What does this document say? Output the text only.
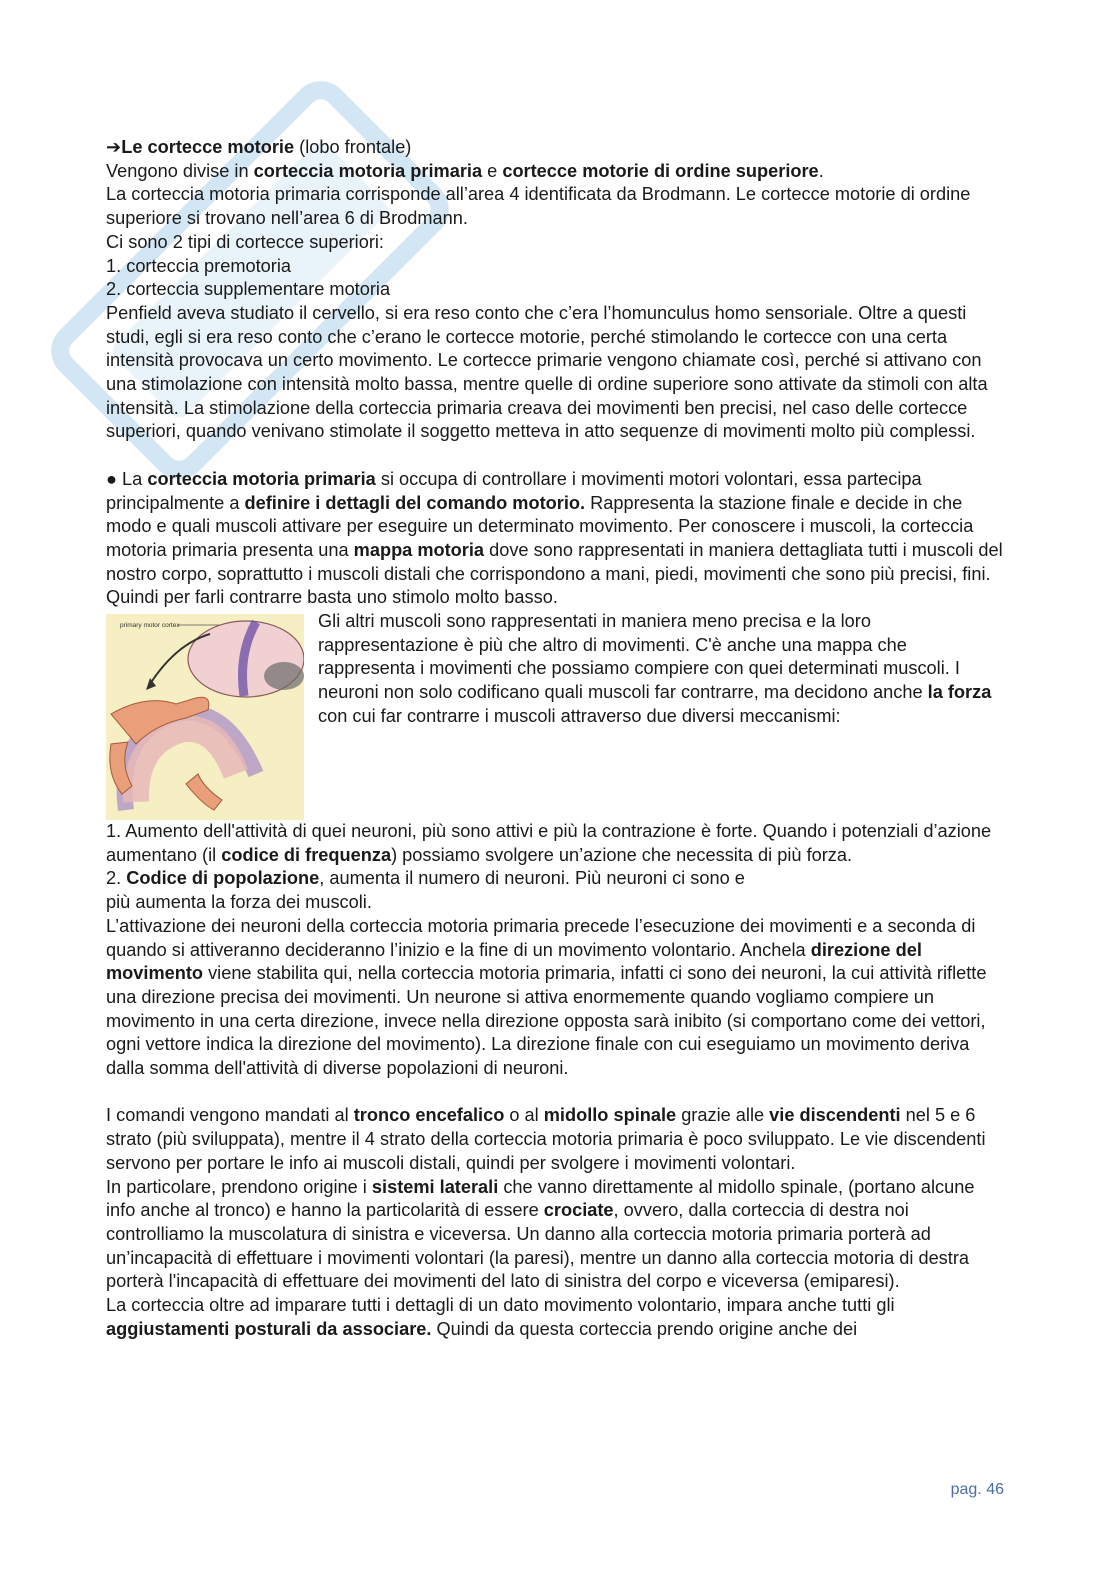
➔Le cortecce motorie (lobo frontale)

Vengono divise in corteccia motoria primaria e cortecce motorie di ordine superiore.

La corteccia motoria primaria corrisponde all’area 4 identificata da Brodmann. Le cortecce motorie di ordine superiore si trovano nell’area 6 di Brodmann.

Ci sono 2 tipi di cortecce superiori:

1. corteccia premotoria

2. corteccia supplementare motoria

Penfield aveva studiato il cervello, si era reso conto che c’era l’homunculus homo sensoriale. Oltre a questi studi, egli si era reso conto che c’erano le cortecce motorie, perché stimolando le cortecce con una certa intensità provocava un certo movimento. Le cortecce primarie vengono chiamate così, perché si attivano con una stimolazione con intensità molto bassa, mentre quelle di ordine superiore sono attivate da stimoli con alta intensità. La stimolazione della corteccia primaria creava dei movimenti ben precisi, nel caso delle cortecce superiori, quando venivano stimolate il soggetto metteva in atto sequenze di movimenti molto più complessi.

● La corteccia motoria primaria si occupa di controllare i movimenti motori volontari, essa partecipa principalmente a definire i dettagli del comando motorio. Rappresenta la stazione finale e decide in che modo e quali muscoli attivare per eseguire un determinato movimento. Per conoscere i muscoli, la corteccia motoria primaria presenta una mappa motoria dove sono rappresentati in maniera dettagliata tutti i muscoli del nostro corpo, soprattutto i muscoli distali che corrispondono a mani, piedi, movimenti che sono più precisi, fini. Quindi per farli contrarre basta uno stimolo molto basso.

primary motor cortex	Gli altri muscoli sono rappresentati in maniera meno precisa e la loro rappresentazione è più che altro di movimenti. C'è anche una mappa che rappresenta i movimenti che possiamo compiere con quei determinati muscoli. I neuroni non solo codificano quali muscoli far contrarre, ma decidono anche la forza con cui far contrarre i muscoli attraverso due diversi meccanismi:

1. Aumento dell'attività di quei neuroni, più sono attivi e più la contrazione è forte. Quando i potenziali d’azione aumentano (il codice di frequenza) possiamo svolgere un’azione che necessita di più forza.

2. Codice di popolazione, aumenta il numero di neuroni. Più neuroni ci sono e
più aumenta la forza dei muscoli.

L’attivazione dei neuroni della corteccia motoria primaria precede l’esecuzione dei movimenti e a seconda di quando si attiveranno decideranno l’inizio e la fine di un movimento volontario. Anchela direzione del movimento viene stabilita qui, nella corteccia motoria primaria, infatti ci sono dei neuroni, la cui attività riflette una direzione precisa dei movimenti. Un neurone si attiva enormemente quando vogliamo compiere un movimento in una certa direzione, invece nella direzione opposta sarà inibito (si comportano come dei vettori, ogni vettore indica la direzione del movimento). La direzione finale con cui eseguiamo un movimento deriva dalla somma dell'attività di diverse popolazioni di neuroni.

I comandi vengono mandati al tronco encefalico o al midollo spinale grazie alle vie discendenti nel 5 e 6 strato (più sviluppata), mentre il 4 strato della corteccia motoria primaria è poco sviluppato. Le vie discendenti servono per portare le info ai muscoli distali, quindi per svolgere i movimenti volontari.

In particolare, prendono origine i sistemi laterali che vanno direttamente al midollo spinale, (portano alcune info anche al tronco) e hanno la particolarità di essere crociate, ovvero, dalla corteccia di destra noi controlliamo la muscolatura di sinistra e viceversa. Un danno alla corteccia motoria primaria porterà ad un’incapacità di effettuare i movimenti volontari (la paresi), mentre un danno alla corteccia motoria di destra porterà l'incapacità di effettuare dei movimenti del lato di sinistra del corpo e viceversa (emiparesi).

La corteccia oltre ad imparare tutti i dettagli di un dato movimento volontario, impara anche tutti gli aggiustamenti posturali da associare. Quindi da questa corteccia prendo origine anche dei

pag. 46
